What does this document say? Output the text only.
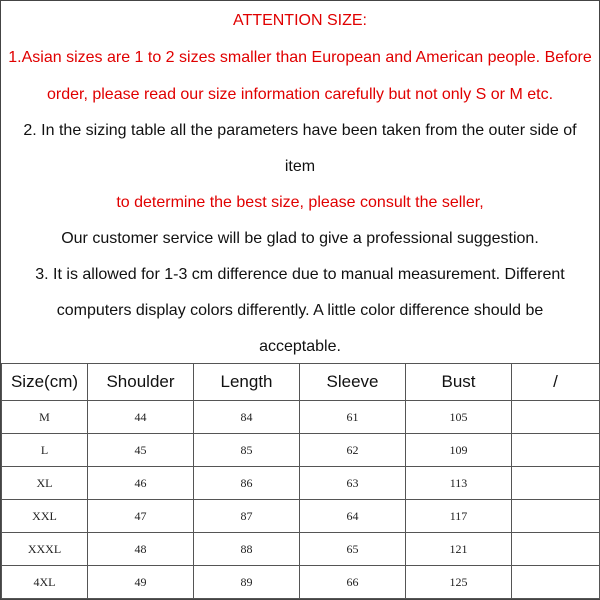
ATTENTION SIZE:
1.Asian sizes are 1 to 2 sizes smaller than European and American people. Before
order, please read our size information carefully but not only S or M etc.
2. In the sizing table all the parameters have been taken from the outer side of
item
to determine the best size, please consult the seller,
Our customer service will be glad to give a professional suggestion.
3. It is allowed for 1-3 cm difference due to manual measurement. Different
computers display colors differently. A little color difference should be
acceptable.
Size(cm)	Shoulder	Length	Sleeve	Bust	/
M	44	84	61	105	
L	45	85	62	109	
XL	46	86	63	113	
XXL	47	87	64	117	
XXXL	48	88	65	121	
4XL	49	89	66	125	
